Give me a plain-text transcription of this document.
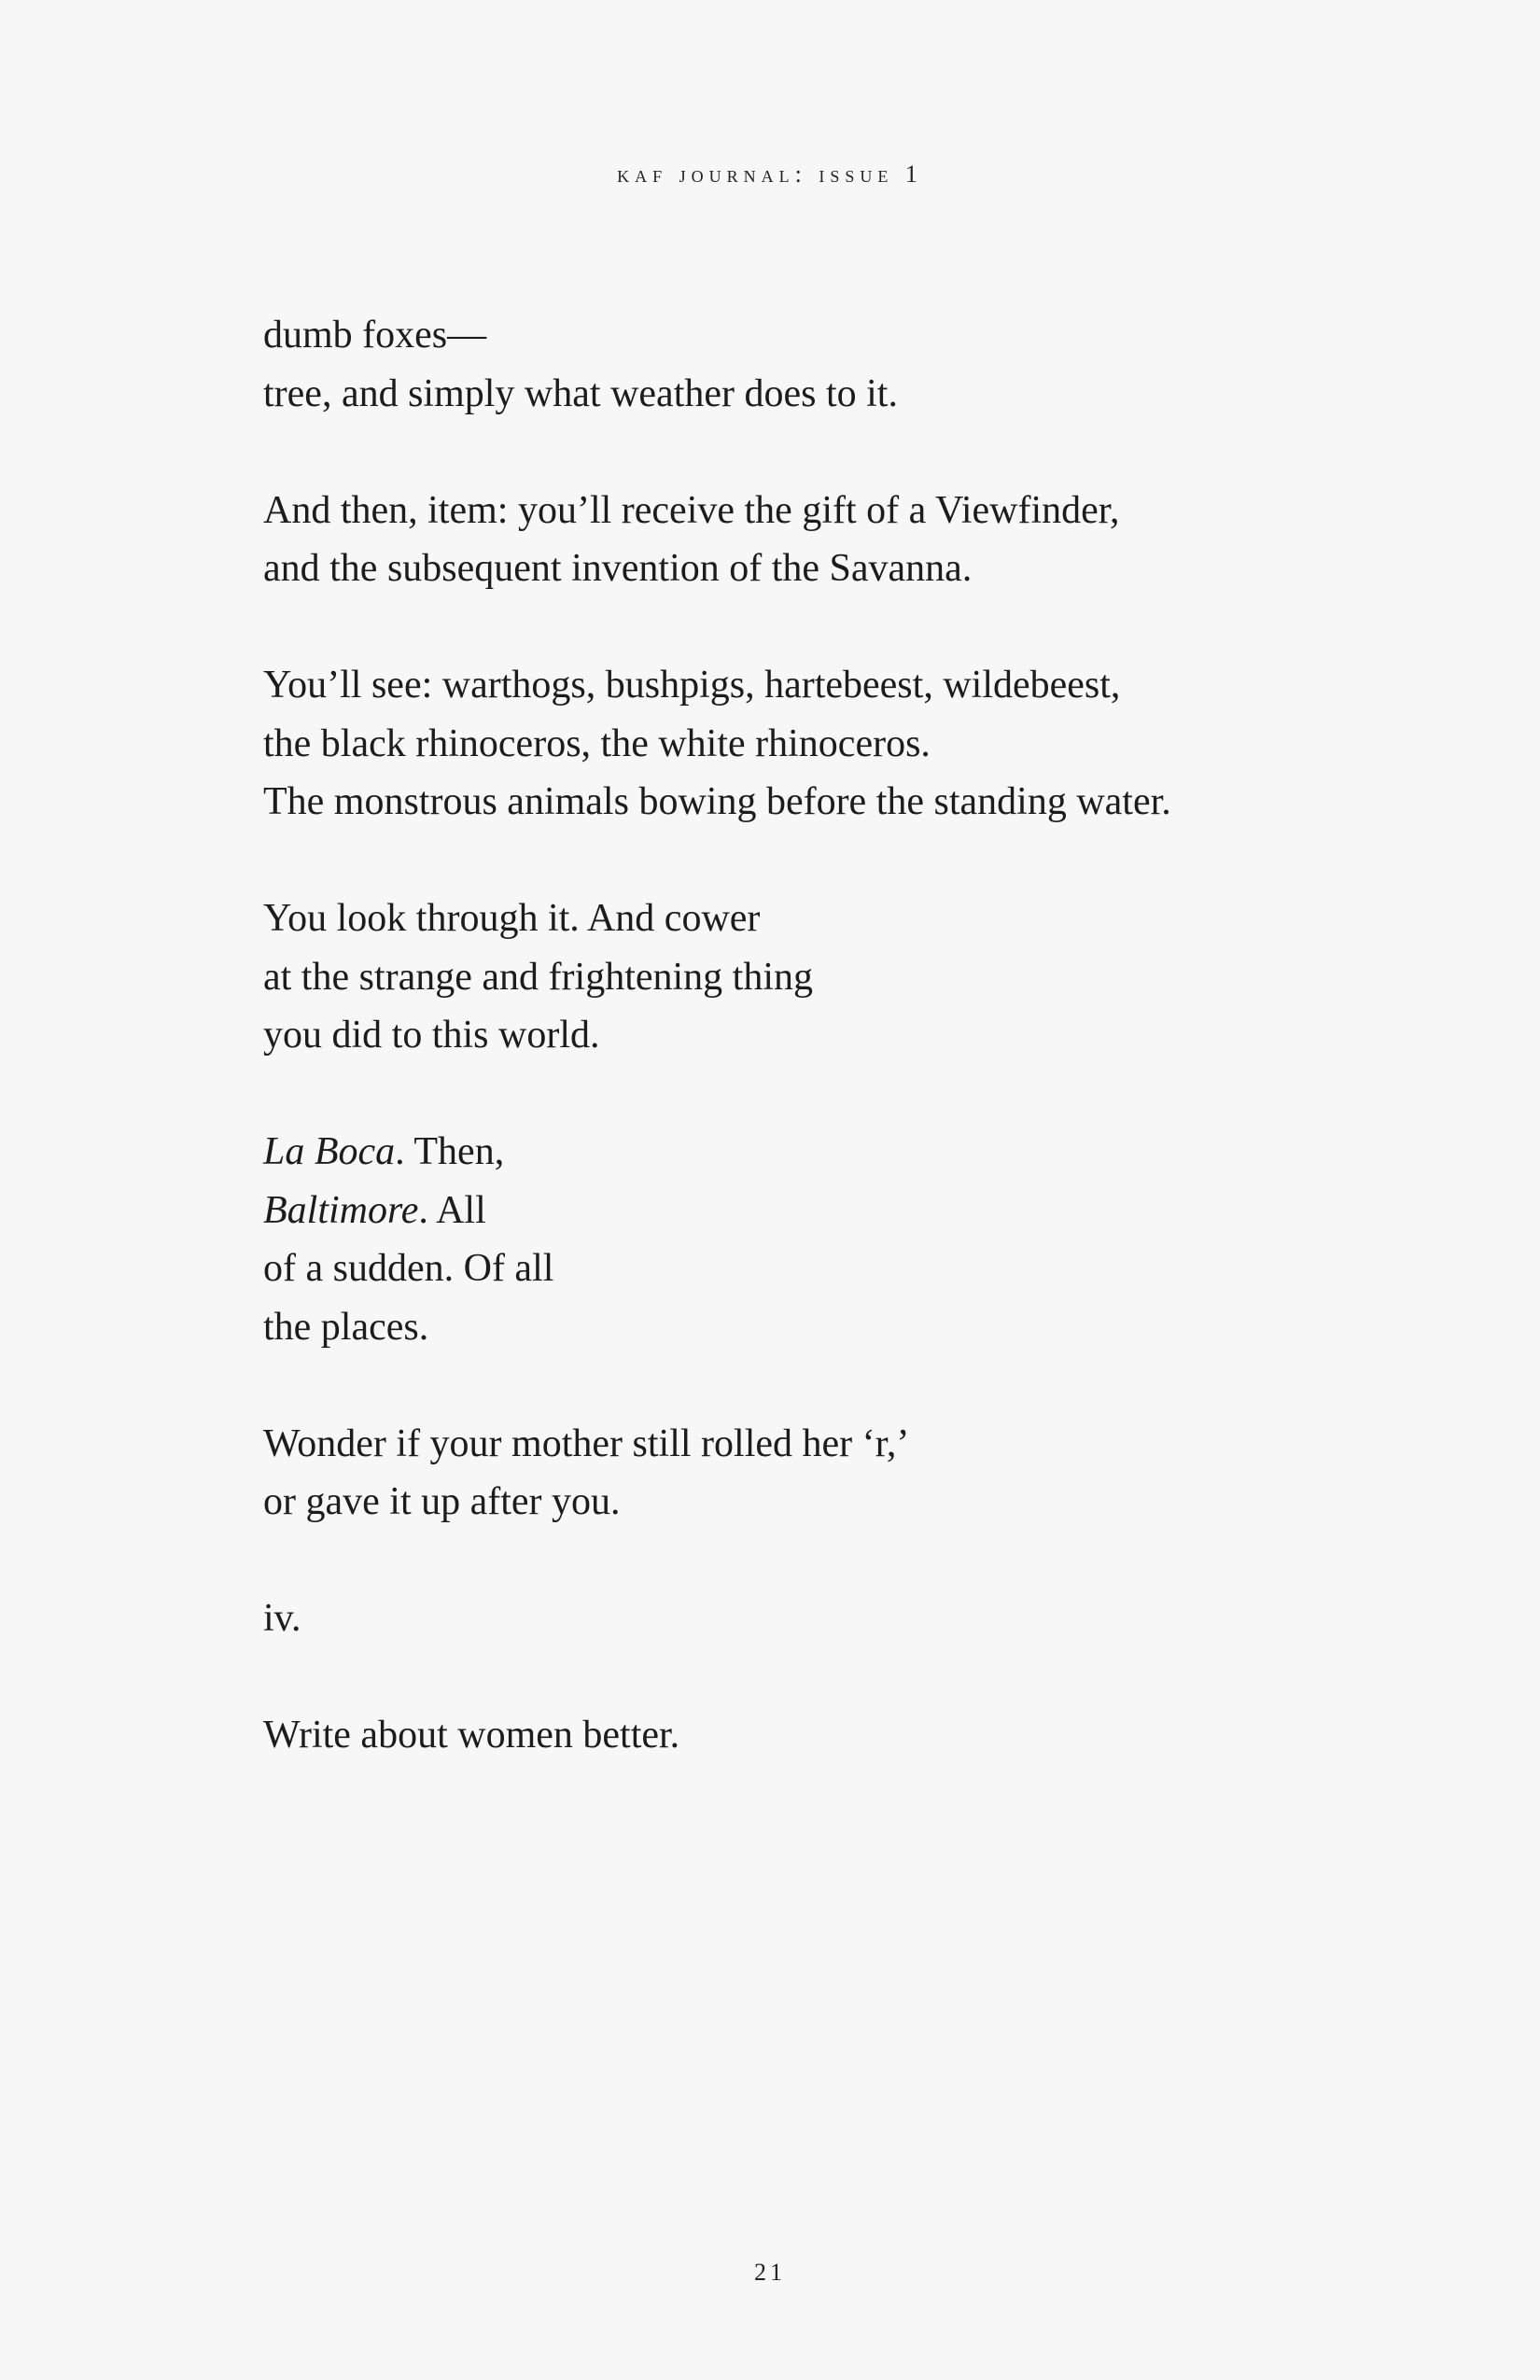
kaf journal: issue 1
dumb foxes—
tree, and simply what weather does to it.
And then, item: you’ll receive the gift of a Viewfinder,
and the subsequent invention of the Savanna.
You’ll see: warthogs, bushpigs, hartebeest, wildebeest,
the black rhinoceros, the white rhinoceros.
The monstrous animals bowing before the standing water.
You look through it. And cower
at the strange and frightening thing
you did to this world.
La Boca. Then,
Baltimore. All
of a sudden. Of all
the places.
Wonder if your mother still rolled her ‘r,’
or gave it up after you.
iv.
Write about women better.
21
